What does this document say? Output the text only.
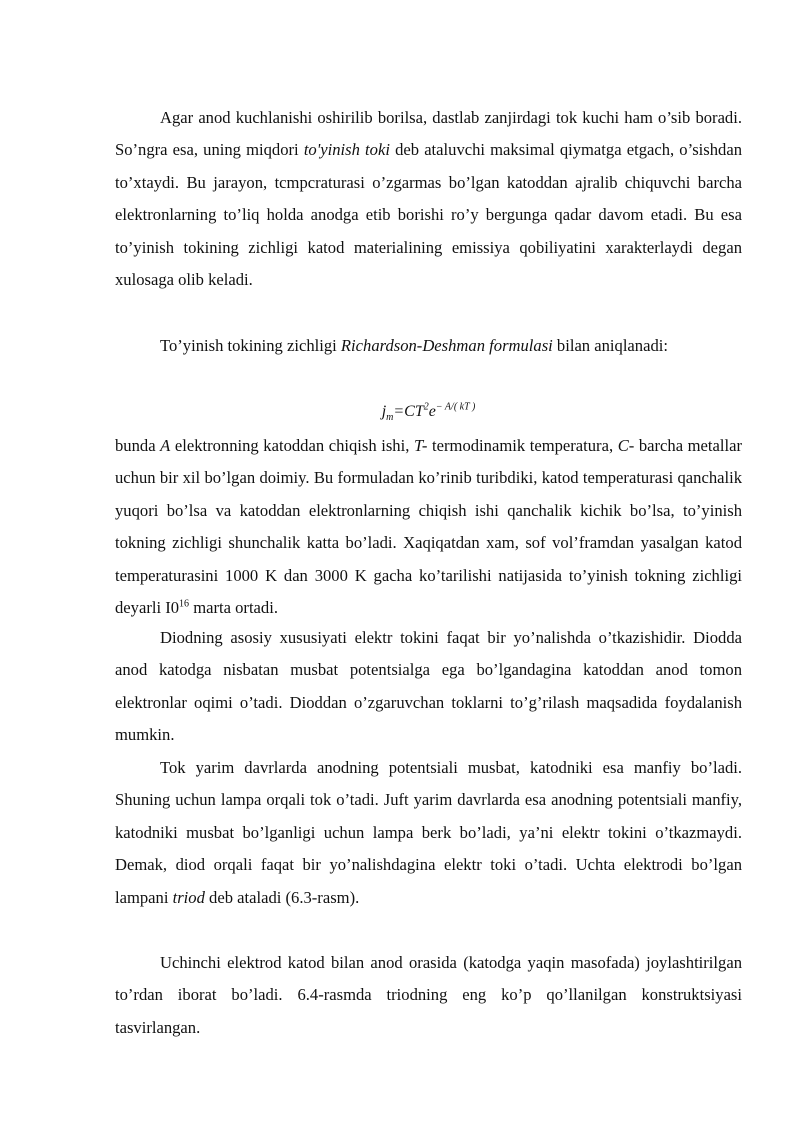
Agar anod kuchlanishi oshirilib borilsa, dastlab zanjirdagi tok kuchi ham o’sib boradi. So’ngra esa, uning miqdori to'yinish toki deb ataluvchi maksimal qiymatga etgach, o’sishdan to’xtaydi. Bu jarayon, tcmpcraturasi o’zgarmas bo’lgan katoddan ajralib chiquvchi barcha elektronlarning to’liq holda anodga etib borishi ro’y bergunga qadar davom etadi. Bu esa to’yinish tokining zichligi katod materialining emissiya qobiliyatini xarakterlaydi degan xulosaga olib keladi.

To’yinish tokining zichligi Richardson-Deshman formulasi bilan aniqlanadi:

$j_m=CT^2e^{- A/( kT )}$

bunda A elektronning katoddan chiqish ishi, T- termodinamik temperatura, C- barcha metallar uchun bir xil bo’lgan doimiy. Bu formuladan ko’rinib turibdiki, katod temperaturasi qanchalik yuqori bo’lsa va katoddan elektronlarning chiqish ishi qanchalik kichik bo’lsa, to’yinish tokning zichligi shunchalik katta bo’ladi. Xaqiqatdan xam, sof vol’framdan yasalgan katod temperaturasini 1000 K dan 3000 K gacha ko’tarilishi natijasida to’yinish tokning zichligi deyarli $I0^{16}$ marta ortadi.

Diodning asosiy xususiyati elektr tokini faqat bir yo’nalishda o’tkazishidir. Diodda anod katodga nisbatan musbat potentsialga ega bo’lgandagina katoddan anod tomon elektronlar oqimi o’tadi. Dioddan o’zgaruvchan toklarni to’g’rilash maqsadida foydalanish mumkin.

Tok yarim davrlarda anodning potentsiali musbat, katodniki esa manfiy bo’ladi. Shuning uchun lampa orqali tok o’tadi. Juft yarim davrlarda esa anodning potentsiali manfiy, katodniki musbat bo’lganligi uchun lampa berk bo’ladi, ya’ni elektr tokini o’tkazmaydi. Demak, diod orqali faqat bir yo’nalishdagina elektr toki o’tadi. Uchta elektrodi bo’lgan lampani triod deb ataladi (6.3-rasm).

Uchinchi elektrod katod bilan anod orasida (katodga yaqin masofada) joylashtirilgan to’rdan iborat bo’ladi. 6.4-rasmda triodning eng ko’p qo’llanilgan konstruktsiyasi tasvirlangan.
